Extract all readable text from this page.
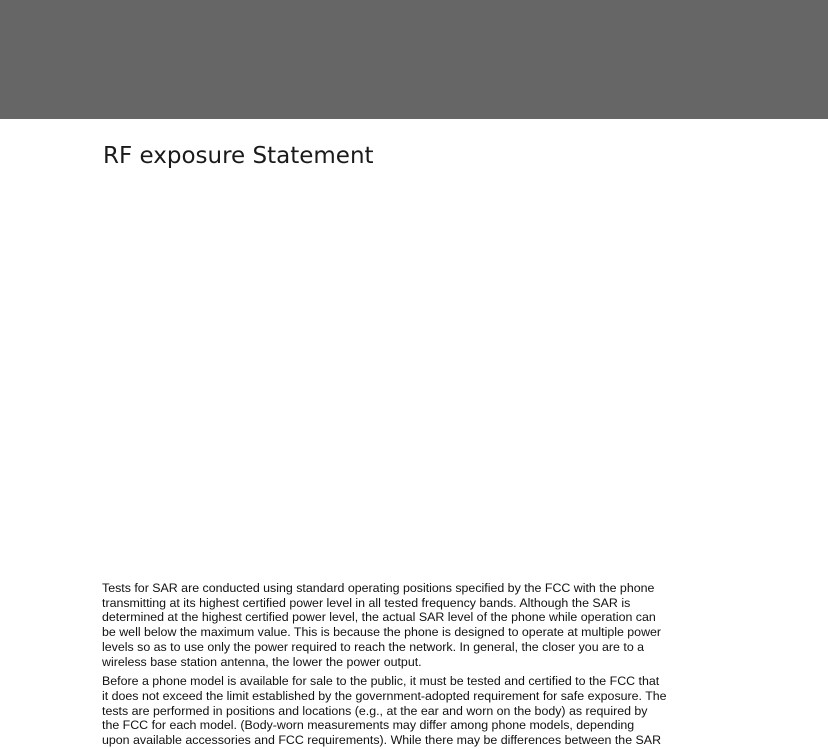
RF exposure Statement

Tests for SAR are conducted using standard operating positions specified by the FCC with the phone
transmitting at its highest certified power level in all tested frequency bands. Although the SAR is
determined at the highest certified power level, the actual SAR level of the phone while operation can
be well below the maximum value. This is because the phone is designed to operate at multiple power
levels so as to use only the power required to reach the network. In general, the closer you are to a
wireless base station antenna, the lower the power output.

Before a phone model is available for sale to the public, it must be tested and certified to the FCC that
it does not exceed the limit established by the government-adopted requirement for safe exposure. The
tests are performed in positions and locations (e.g., at the ear and worn on the body) as required by
the FCC for each model. (Body-worn measurements may differ among phone models, depending
upon available accessories and FCC requirements). While there may be differences between the SAR
